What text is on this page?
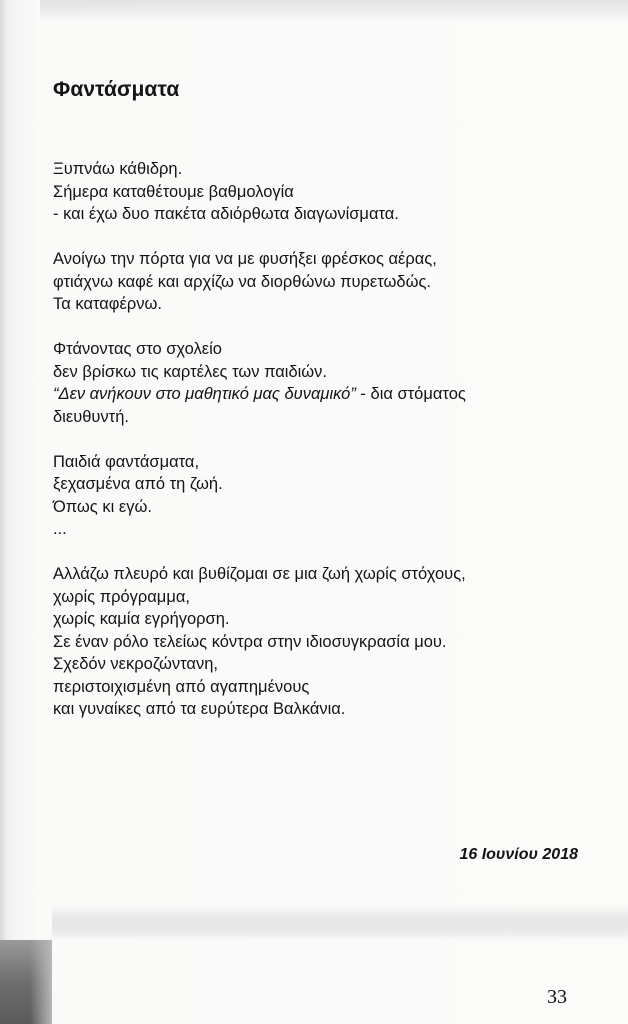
Φαντάσματα
Ξυπνάω κάθιδρη.
Σήμερα καταθέτουμε βαθμολογία
- και έχω δυο πακέτα αδιόρθωτα διαγωνίσματα.
Ανοίγω την πόρτα για να με φυσήξει φρέσκος αέρας,
φτιάχνω καφέ και αρχίζω να διορθώνω πυρετωδώς.
Τα καταφέρνω.
Φτάνοντας στο σχολείο
δεν βρίσκω τις καρτέλες των παιδιών.
“Δεν ανήκουν στο μαθητικό μας δυναμικό” - δια στόματος
διευθυντή.
Παιδιά φαντάσματα,
ξεχασμένα από τη ζωή.
Όπως κι εγώ.
...
Αλλάζω πλευρό και βυθίζομαι σε μια ζωή χωρίς στόχους,
χωρίς πρόγραμμα,
χωρίς καμία εγρήγορση.
Σε έναν ρόλο τελείως κόντρα στην ιδιοσυγκρασία μου.
Σχεδόν νεκροζώντανη,
περιστοιχισμένη από αγαπημένους
και γυναίκες από τα ευρύτερα Βαλκάνια.
16 Ιουνίου 2018
33
